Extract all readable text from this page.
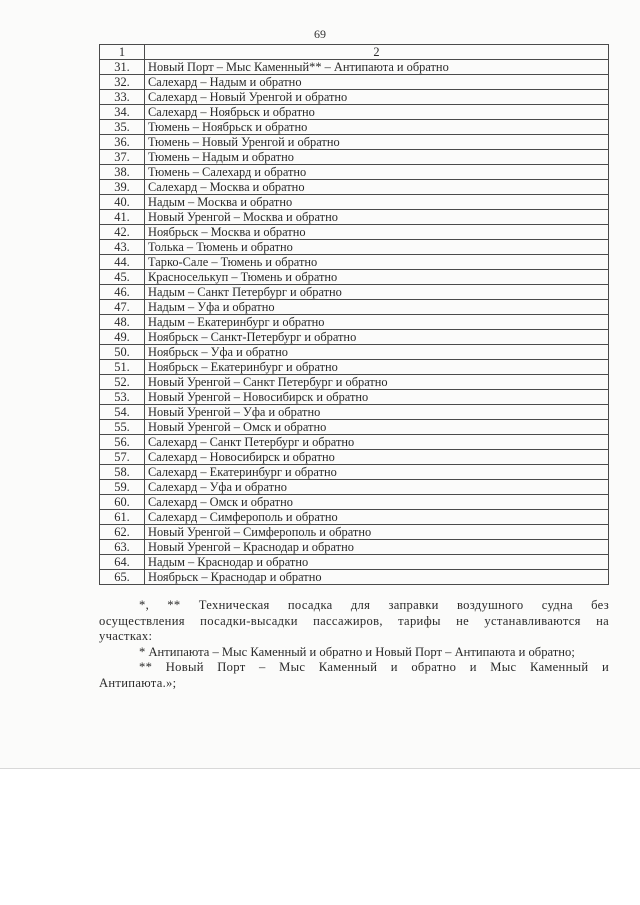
69
1	2
31.	Новый Порт – Мыс Каменный** – Антипаюта и обратно
32.	Салехард – Надым и обратно
33.	Салехард – Новый Уренгой и обратно
34.	Салехард – Ноябрьск и обратно
35.	Тюмень – Ноябрьск и обратно
36.	Тюмень – Новый Уренгой и обратно
37.	Тюмень – Надым и обратно
38.	Тюмень – Салехард и обратно
39.	Салехард – Москва и обратно
40.	Надым – Москва и обратно
41.	Новый Уренгой – Москва и обратно
42.	Ноябрьск – Москва и обратно
43.	Толька – Тюмень и обратно
44.	Тарко-Сале – Тюмень и обратно
45.	Красноселькуп – Тюмень и обратно
46.	Надым – Санкт Петербург и обратно
47.	Надым – Уфа и обратно
48.	Надым – Екатеринбург и обратно
49.	Ноябрьск – Санкт-Петербург и обратно
50.	Ноябрьск – Уфа и обратно
51.	Ноябрьск – Екатеринбург и обратно
52.	Новый Уренгой – Санкт Петербург и обратно
53.	Новый Уренгой – Новосибирск и обратно
54.	Новый Уренгой – Уфа и обратно
55.	Новый Уренгой – Омск и обратно
56.	Салехард – Санкт Петербург и обратно
57.	Салехард – Новосибирск и обратно
58.	Салехард – Екатеринбург и обратно
59.	Салехард – Уфа и обратно
60.	Салехард – Омск и обратно
61.	Салехард – Симферополь и обратно
62.	Новый Уренгой – Симферополь и обратно
63.	Новый Уренгой – Краснодар и обратно
64.	Надым – Краснодар и обратно
65.	Ноябрьск – Краснодар и обратно

*, ** Техническая посадка для заправки воздушного судна без осуществления посадки-высадки пассажиров, тарифы не устанавливаются на участках:

* Антипаюта – Мыс Каменный и обратно и Новый Порт – Антипаюта и обратно;

** Новый Порт – Мыс Каменный и обратно и Мыс Каменный и Антипаюта.»;
